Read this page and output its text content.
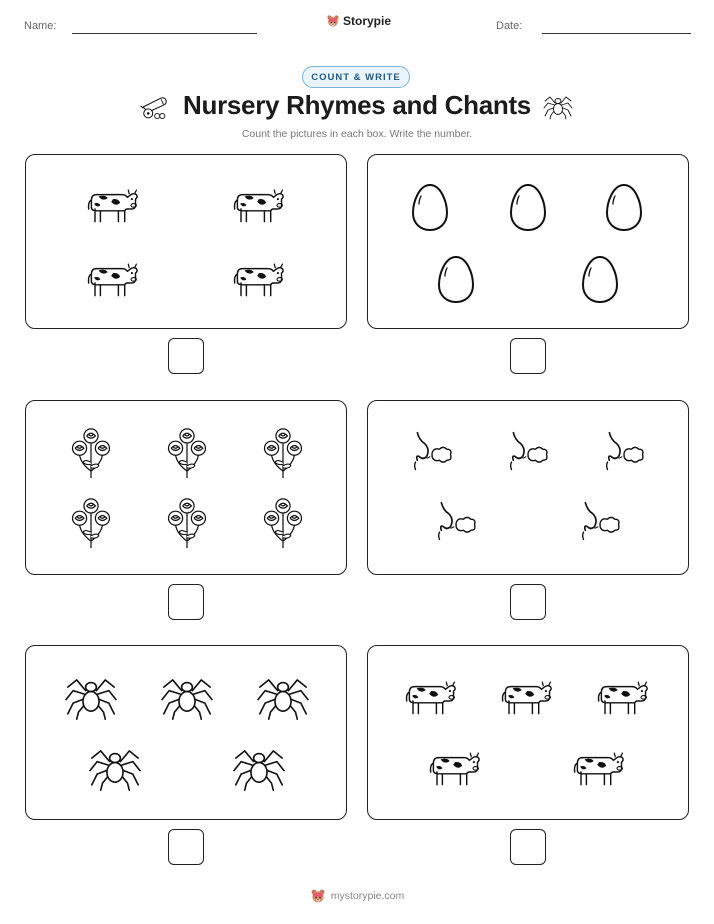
Name:	Storypie	Date:
COUNT & WRITE
Nursery Rhymes and Chants
Count the pictures in each box. Write the number.
mystorypie.com
